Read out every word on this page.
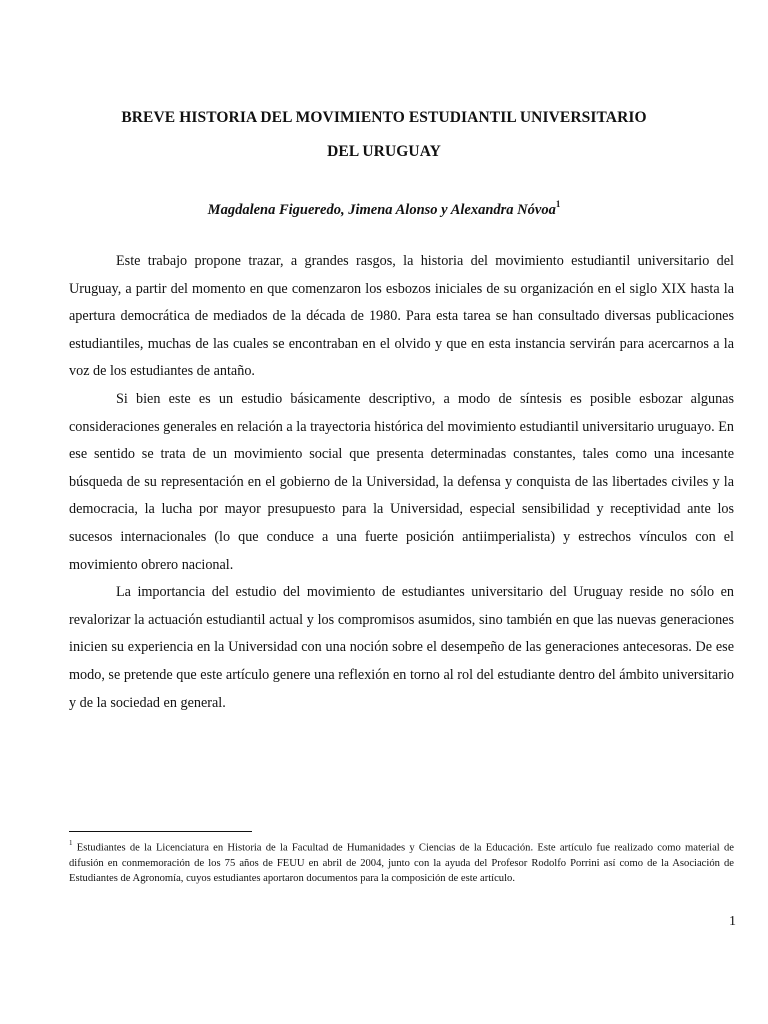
BREVE HISTORIA DEL MOVIMIENTO ESTUDIANTIL UNIVERSITARIO
DEL URUGUAY
Magdalena Figueredo, Jimena Alonso y Alexandra Nóvoa$^1$

Este trabajo propone trazar, a grandes rasgos, la historia del movimiento estudiantil universitario del Uruguay, a partir del momento en que comenzaron los esbozos iniciales de su organización en el siglo XIX hasta la apertura democrática de mediados de la década de 1980. Para esta tarea se han consultado diversas publicaciones estudiantiles, muchas de las cuales se encontraban en el olvido y que en esta instancia servirán para acercarnos a la voz de los estudiantes de antaño.

Si bien este es un estudio básicamente descriptivo, a modo de síntesis es posible esbozar algunas consideraciones generales en relación a la trayectoria histórica del movimiento estudiantil universitario uruguayo. En ese sentido se trata de un movimiento social que presenta determinadas constantes, tales como una incesante búsqueda de su representación en el gobierno de la Universidad, la defensa y conquista de las libertades civiles y la democracia, la lucha por mayor presupuesto para la Universidad, especial sensibilidad y receptividad ante los sucesos internacionales (lo que conduce a una fuerte posición antiimperialista) y estrechos vínculos con el movimiento obrero nacional.

La importancia del estudio del movimiento de estudiantes universitario del Uruguay reside no sólo en revalorizar la actuación estudiantil actual y los compromisos asumidos, sino también en que las nuevas generaciones inicien su experiencia en la Universidad con una noción sobre el desempeño de las generaciones antecesoras. De ese modo, se pretende que este artículo genere una reflexión en torno al rol del estudiante dentro del ámbito universitario y de la sociedad en general.

$^1$ Estudiantes de la Licenciatura en Historia de la Facultad de Humanidades y Ciencias de la Educación. Este artículo fue realizado como material de difusión en conmemoración de los 75 años de FEUU en abril de 2004, junto con la ayuda del Profesor Rodolfo Porrini así como de la Asociación de Estudiantes de Agronomía, cuyos estudiantes aportaron documentos para la composición de este artículo.
1
